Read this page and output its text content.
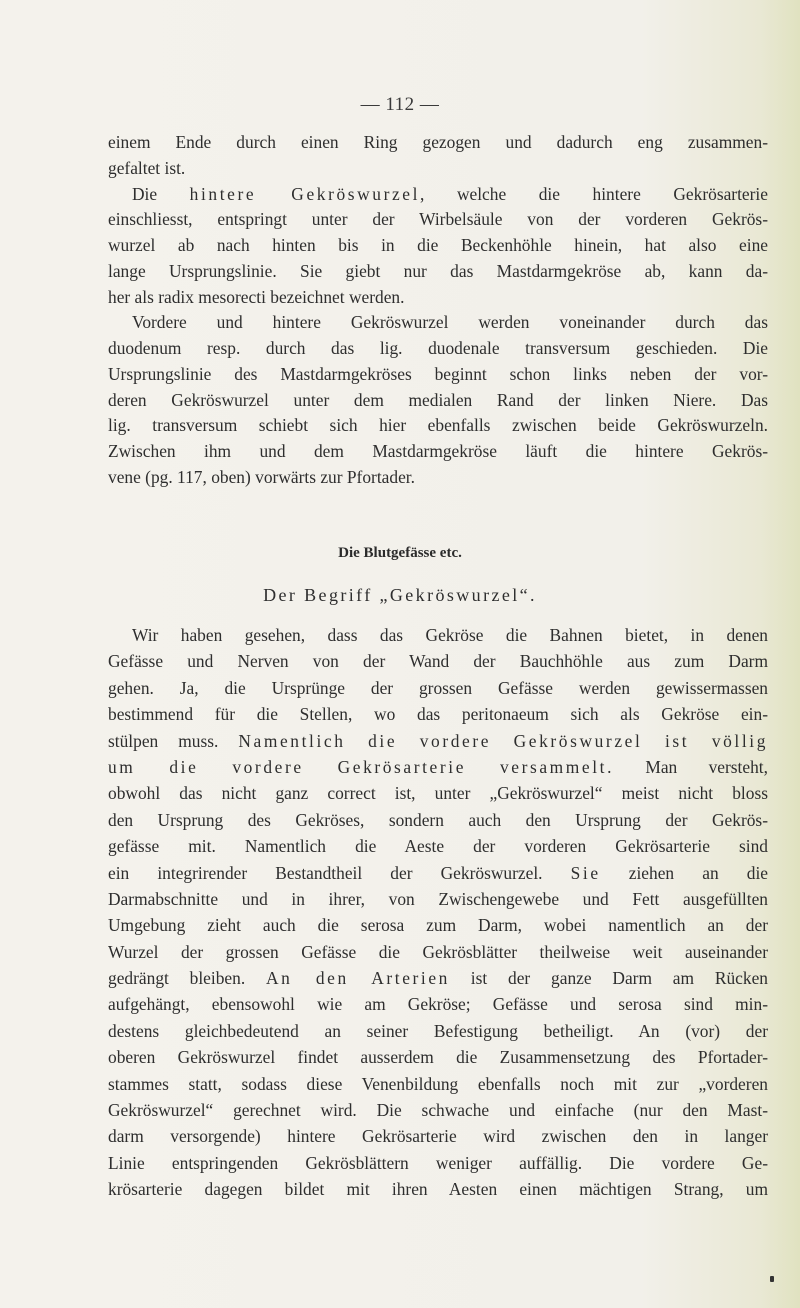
— 112 —
einem Ende durch einen Ring gezogen und dadurch eng zusammen-
gefaltet ist.
Die hintere Gekröswurzel, welche die hintere Gekrösarterie
einschliesst, entspringt unter der Wirbelsäule von der vorderen Gekrös-
wurzel ab nach hinten bis in die Beckenhöhle hinein, hat also eine
lange Ursprungslinie. Sie giebt nur das Mastdarmgekröse ab, kann da-
her als radix mesorecti bezeichnet werden.
Vordere und hintere Gekröswurzel werden voneinander durch das
duodenum resp. durch das lig. duodenale transversum geschieden. Die
Ursprungslinie des Mastdarmgekröses beginnt schon links neben der vor-
deren Gekröswurzel unter dem medialen Rand der linken Niere. Das
lig. transversum schiebt sich hier ebenfalls zwischen beide Gekröswurzeln.
Zwischen ihm und dem Mastdarmgekröse läuft die hintere Gekrös-
vene (pg. 117, oben) vorwärts zur Pfortader.
Die Blutgefässe etc.
Der Begriff „Gekröswurzel“.
Wir haben gesehen, dass das Gekröse die Bahnen bietet, in denen
Gefässe und Nerven von der Wand der Bauchhöhle aus zum Darm
gehen. Ja, die Ursprünge der grossen Gefässe werden gewissermassen
bestimmend für die Stellen, wo das peritonaeum sich als Gekröse ein-
stülpen muss. Namentlich die vordere Gekröswurzel ist völlig
um die vordere Gekrösarterie versammelt. Man versteht,
obwohl das nicht ganz correct ist, unter „Gekröswurzel“ meist nicht bloss
den Ursprung des Gekröses, sondern auch den Ursprung der Gekrös-
gefässe mit. Namentlich die Aeste der vorderen Gekrösarterie sind
ein integrirender Bestandtheil der Gekröswurzel. Sie ziehen an die
Darmabschnitte und in ihrer, von Zwischengewebe und Fett ausgefüllten
Umgebung zieht auch die serosa zum Darm, wobei namentlich an der
Wurzel der grossen Gefässe die Gekrösblätter theilweise weit auseinander
gedrängt bleiben. An den Arterien ist der ganze Darm am Rücken
aufgehängt, ebensowohl wie am Gekröse; Gefässe und serosa sind min-
destens gleichbedeutend an seiner Befestigung betheiligt. An (vor) der
oberen Gekröswurzel findet ausserdem die Zusammensetzung des Pfortader-
stammes statt, sodass diese Venenbildung ebenfalls noch mit zur „vorderen
Gekröswurzel“ gerechnet wird. Die schwache und einfache (nur den Mast-
darm versorgende) hintere Gekrösarterie wird zwischen den in langer
Linie entspringenden Gekrösblättern weniger auffällig. Die vordere Ge-
krösarterie dagegen bildet mit ihren Aesten einen mächtigen Strang, um
